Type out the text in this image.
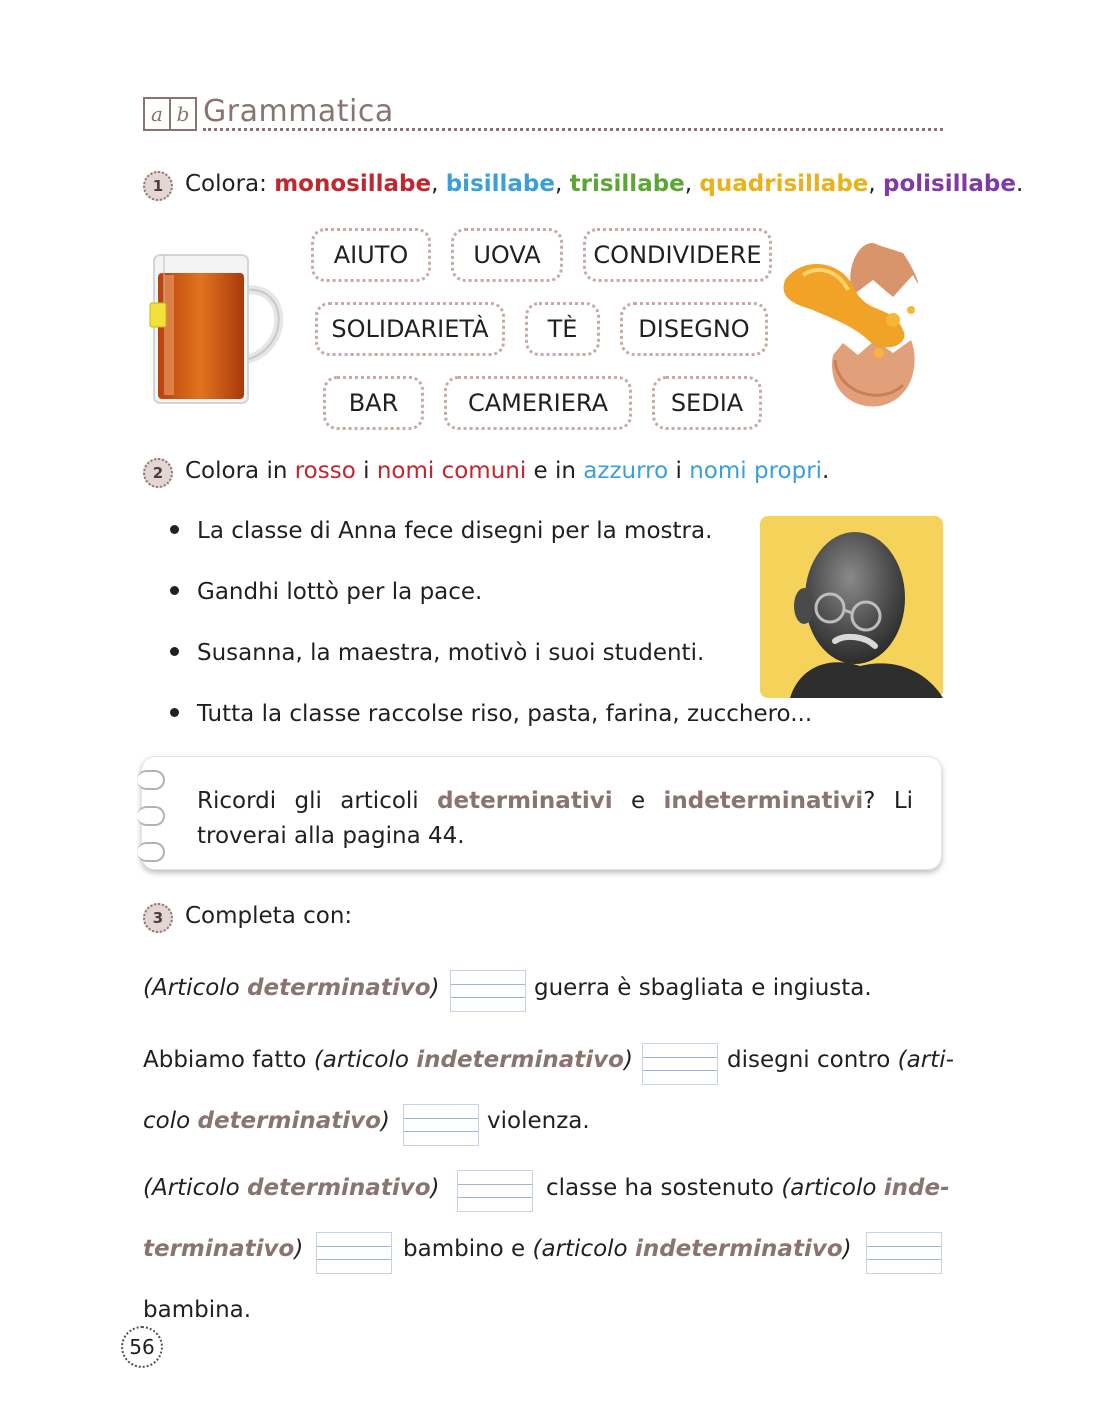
a b Grammatica
1 Colora: monosillabe, bisillabe, trisillabe, quadrisillabe, polisillabe.
AIUTO	UOVA	CONDIVIDERE
SOLIDARIETÀ	TÈ	DISEGNO
BAR	CAMERIERA	SEDIA
2 Colora in rosso i nomi comuni e in azzurro i nomi propri.
La classe di Anna fece disegni per la mostra.
Gandhi lottò per la pace.
Susanna, la maestra, motivò i suoi studenti.
Tutta la classe raccolse riso, pasta, farina, zucchero...
Ricordi gli articoli determinativi e indeterminativi? Li troverai alla pagina 44.
3 Completa con:
(Articolo determinativo)	guerra è sbagliata e ingiusta.
Abbiamo fatto (articolo indeterminativo)	disegni contro (arti-
colo determinativo)	violenza.
(Articolo determinativo)	classe ha sostenuto (articolo inde-
terminativo)	bambino e (articolo indeterminativo)
bambina.
56
